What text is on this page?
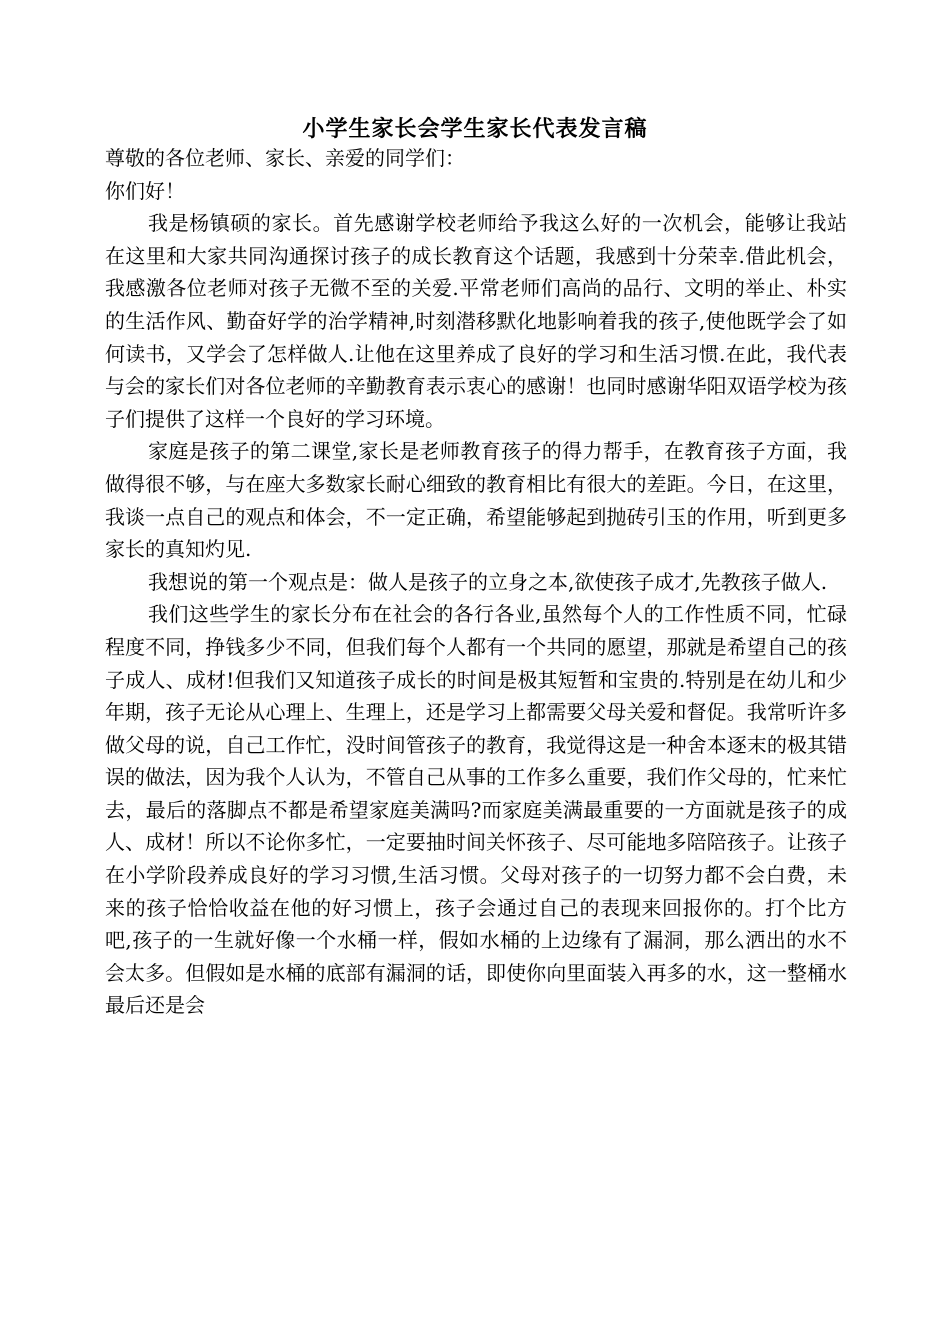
小学生家长会学生家长代表发言稿

尊敬的各位老师、家长、亲爱的同学们：

你们好！

我是杨镇硕的家长。首先感谢学校老师给予我这么好的一次机会，能够让我站在这里和大家共同沟通探讨孩子的成长教育这个话题，我感到十分荣幸.借此机会，我感激各位老师对孩子无微不至的关爱.平常老师们高尚的品行、文明的举止、朴实的生活作风、勤奋好学的治学精神,时刻潜移默化地影响着我的孩子,使他既学会了如何读书，又学会了怎样做人.让他在这里养成了良好的学习和生活习惯.在此，我代表与会的家长们对各位老师的辛勤教育表示衷心的感谢！也同时感谢华阳双语学校为孩子们提供了这样一个良好的学习环境。

家庭是孩子的第二课堂,家长是老师教育孩子的得力帮手，在教育孩子方面，我做得很不够，与在座大多数家长耐心细致的教育相比有很大的差距。今日，在这里，我谈一点自己的观点和体会，不一定正确，希望能够起到抛砖引玉的作用，听到更多家长的真知灼见.

我想说的第一个观点是：做人是孩子的立身之本,欲使孩子成才,先教孩子做人.

我们这些学生的家长分布在社会的各行各业,虽然每个人的工作性质不同，忙碌程度不同，挣钱多少不同，但我们每个人都有一个共同的愿望，那就是希望自己的孩子成人、成材!但我们又知道孩子成长的时间是极其短暂和宝贵的.特别是在幼儿和少年期，孩子无论从心理上、生理上，还是学习上都需要父母关爱和督促。我常听许多做父母的说，自己工作忙，没时间管孩子的教育，我觉得这是一种舍本逐末的极其错误的做法，因为我个人认为，不管自己从事的工作多么重要，我们作父母的，忙来忙去，最后的落脚点不都是希望家庭美满吗?而家庭美满最重要的一方面就是孩子的成人、成材！所以不论你多忙，一定要抽时间关怀孩子、尽可能地多陪陪孩子。让孩子在小学阶段养成良好的学习习惯,生活习惯。父母对孩子的一切努力都不会白费，未来的孩子恰恰收益在他的好习惯上，孩子会通过自己的表现来回报你的。打个比方吧,孩子的一生就好像一个水桶一样，假如水桶的上边缘有了漏洞，那么洒出的水不会太多。但假如是水桶的底部有漏洞的话，即使你向里面装入再多的水，这一整桶水最后还是会
